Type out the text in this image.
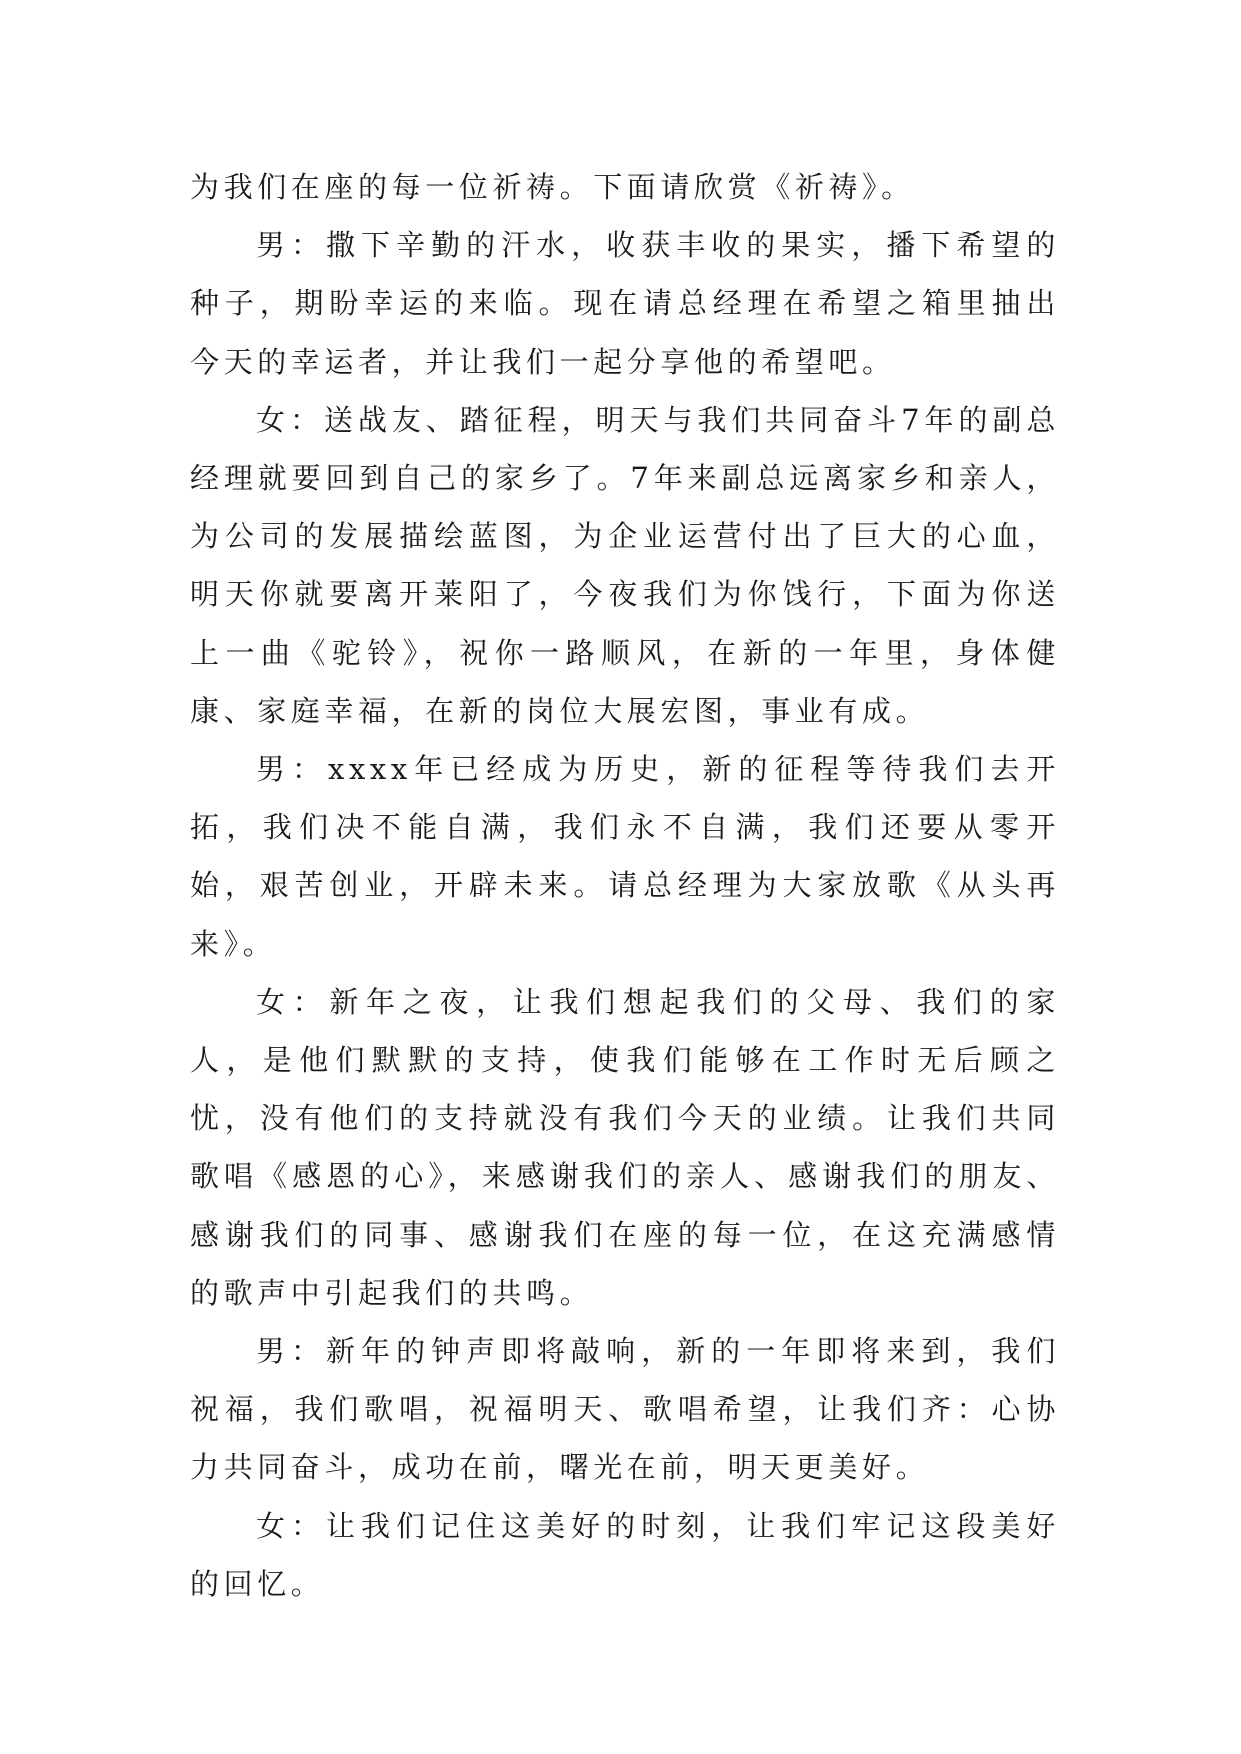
为我们在座的每一位祈祷。下面请欣赏《祈祷》。

男：撒下辛勤的汗水，收获丰收的果实，播下希望的种子，期盼幸运的来临。现在请总经理在希望之箱里抽出今天的幸运者，并让我们一起分享他的希望吧。

女：送战友、踏征程，明天与我们共同奋斗7年的副总经理就要回到自己的家乡了。7年来副总远离家乡和亲人，为公司的发展描绘蓝图，为企业运营付出了巨大的心血，明天你就要离开莱阳了，今夜我们为你饯行，下面为你送上一曲《驼铃》，祝你一路顺风，在新的一年里，身体健康、家庭幸福，在新的岗位大展宏图，事业有成。

男：xxxx年已经成为历史，新的征程等待我们去开拓，我们决不能自满，我们永不自满，我们还要从零开始，艰苦创业，开辟未来。请总经理为大家放歌《从头再来》。

女：新年之夜，让我们想起我们的父母、我们的家人，是他们默默的支持，使我们能够在工作时无后顾之忧，没有他们的支持就没有我们今天的业绩。让我们共同歌唱《感恩的心》，来感谢我们的亲人、感谢我们的朋友、感谢我们的同事、感谢我们在座的每一位，在这充满感情的歌声中引起我们的共鸣。

男：新年的钟声即将敲响，新的一年即将来到，我们祝福，我们歌唱，祝福明天、歌唱希望，让我们齐：心协力共同奋斗，成功在前，曙光在前，明天更美好。

女：让我们记住这美好的时刻，让我们牢记这段美好的回忆。
